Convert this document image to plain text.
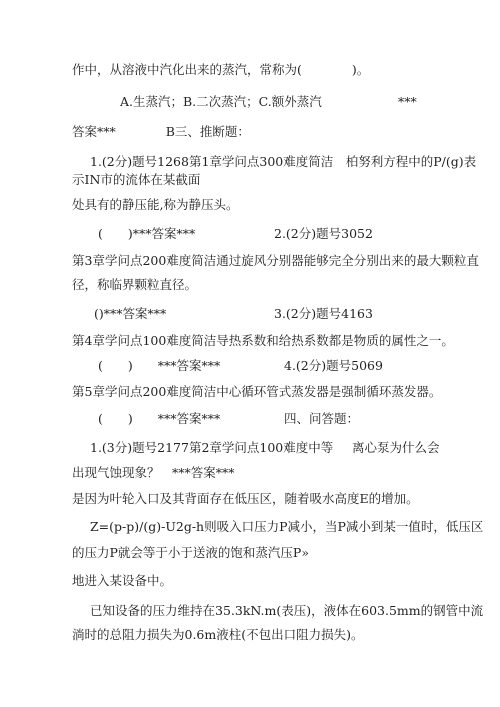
作中，从溶液中汽化出来的蒸汽，常称为(　　　　)。
A.生蒸汽；B.二次蒸汽；C.额外蒸汽	***
答案***　　　　B三、推断题：
1.(2分)题号1268第1章学问点300难度简洁　柏努利方程中的P/(g)表
示IN市的流体在某截面
处具有的静压能,称为静压头。
(　　)***答案***	2.(2分)题号3052
第3章学问点200难度简洁通过旋风分别器能够完全分别出来的最大颗粒直
径，称临界颗粒直径。
()***答案***	3.(2分)题号4163
第4章学问点100难度简洁导热系数和给热系数都是物质的属性之一。
(　　)　　***答案***	4.(2分)题号5069
第5章学问点200难度简洁中心循环管式蒸发器是强制循环蒸发器。
(　　)　　***答案***	四、问答题：
1.(3分)题号2177第2章学问点100难度中等 离心泵为什么会
出现气蚀现象？　***答案***
是因为叶轮入口及其背面存在低压区，随着吸水高度E的增加。
Z=(p-p)/(g)-U2g-h则吸入口压力P减小，当P减小到某一值时，低压区
的压力P就会等于小于送液的饱和蒸汽压P»
地进入某设备中。
已知设备的压力维持在35.3kN.m(表压)，液体在603.5mm的钢管中流
淌时的总阻力损失为0.6m液柱(不包出口阻力损失)。
